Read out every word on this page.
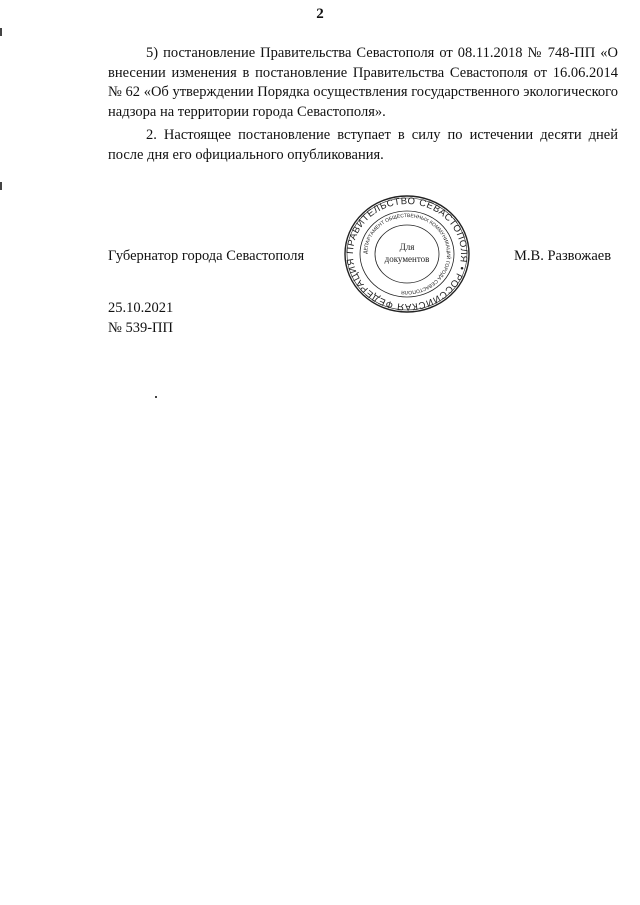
2

5) постановление Правительства Севастополя от 08.11.2018 № 748-ПП «О внесении изменения в постановление Правительства Севастополя от 16.06.2014 № 62 «Об утверждении Порядка осуществления государственного экологического надзора на территории города Севастополя».

2. Настоящее постановление вступает в силу по истечении десяти дней после дня его официального опубликования.

Губернатор города Севастополя	ПРАВИТЕЛЬСТВО СЕВАСТОПОЛЯ • РОССИЙСКАЯ ФЕДЕРАЦИЯ
ДЕПАРТАМЕНТ ОБЩЕСТВЕННЫХ КОММУНИКАЦИЙ ГОРОДА СЕВАСТОПОЛЯ
Для
документов	М.В. Развожаев
25.10.2021
№ 539-ПП
